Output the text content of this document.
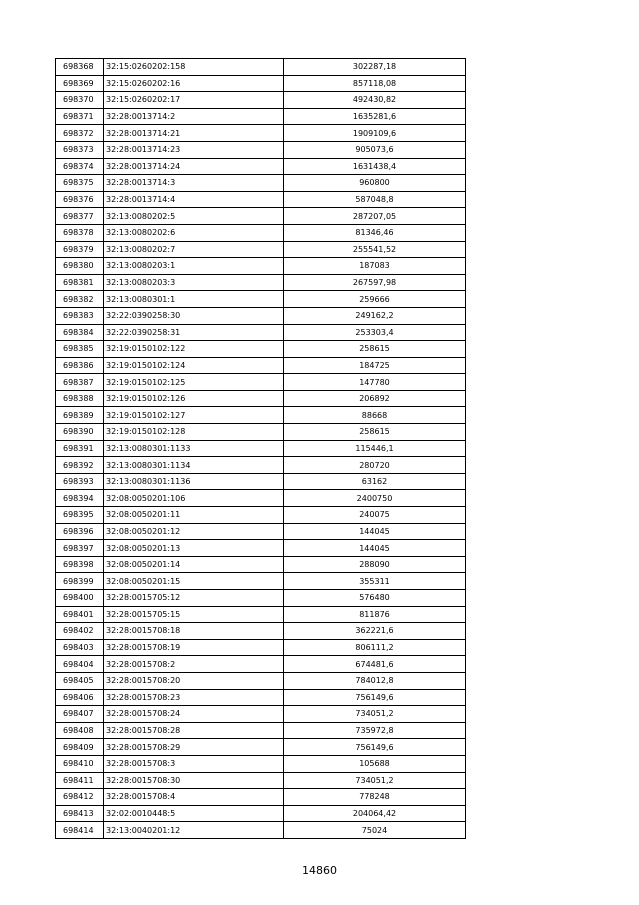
698368	32:15:0260202:158	302287,18
698369	32:15:0260202:16	857118,08
698370	32:15:0260202:17	492430,82
698371	32:28:0013714:2	1635281,6
698372	32:28:0013714:21	1909109,6
698373	32:28:0013714:23	905073,6
698374	32:28:0013714:24	1631438,4
698375	32:28:0013714:3	960800
698376	32:28:0013714:4	587048,8
698377	32:13:0080202:5	287207,05
698378	32:13:0080202:6	81346,46
698379	32:13:0080202:7	255541,52
698380	32:13:0080203:1	187083
698381	32:13:0080203:3	267597,98
698382	32:13:0080301:1	259666
698383	32:22:0390258:30	249162,2
698384	32:22:0390258:31	253303,4
698385	32:19:0150102:122	258615
698386	32:19:0150102:124	184725
698387	32:19:0150102:125	147780
698388	32:19:0150102:126	206892
698389	32:19:0150102:127	88668
698390	32:19:0150102:128	258615
698391	32:13:0080301:1133	115446,1
698392	32:13:0080301:1134	280720
698393	32:13:0080301:1136	63162
698394	32:08:0050201:106	2400750
698395	32:08:0050201:11	240075
698396	32:08:0050201:12	144045
698397	32:08:0050201:13	144045
698398	32:08:0050201:14	288090
698399	32:08:0050201:15	355311
698400	32:28:0015705:12	576480
698401	32:28:0015705:15	811876
698402	32:28:0015708:18	362221,6
698403	32:28:0015708:19	806111,2
698404	32:28:0015708:2	674481,6
698405	32:28:0015708:20	784012,8
698406	32:28:0015708:23	756149,6
698407	32:28:0015708:24	734051,2
698408	32:28:0015708:28	735972,8
698409	32:28:0015708:29	756149,6
698410	32:28:0015708:3	105688
698411	32:28:0015708:30	734051,2
698412	32:28:0015708:4	778248
698413	32:02:0010448:5	204064,42
698414	32:13:0040201:12	75024
14860
